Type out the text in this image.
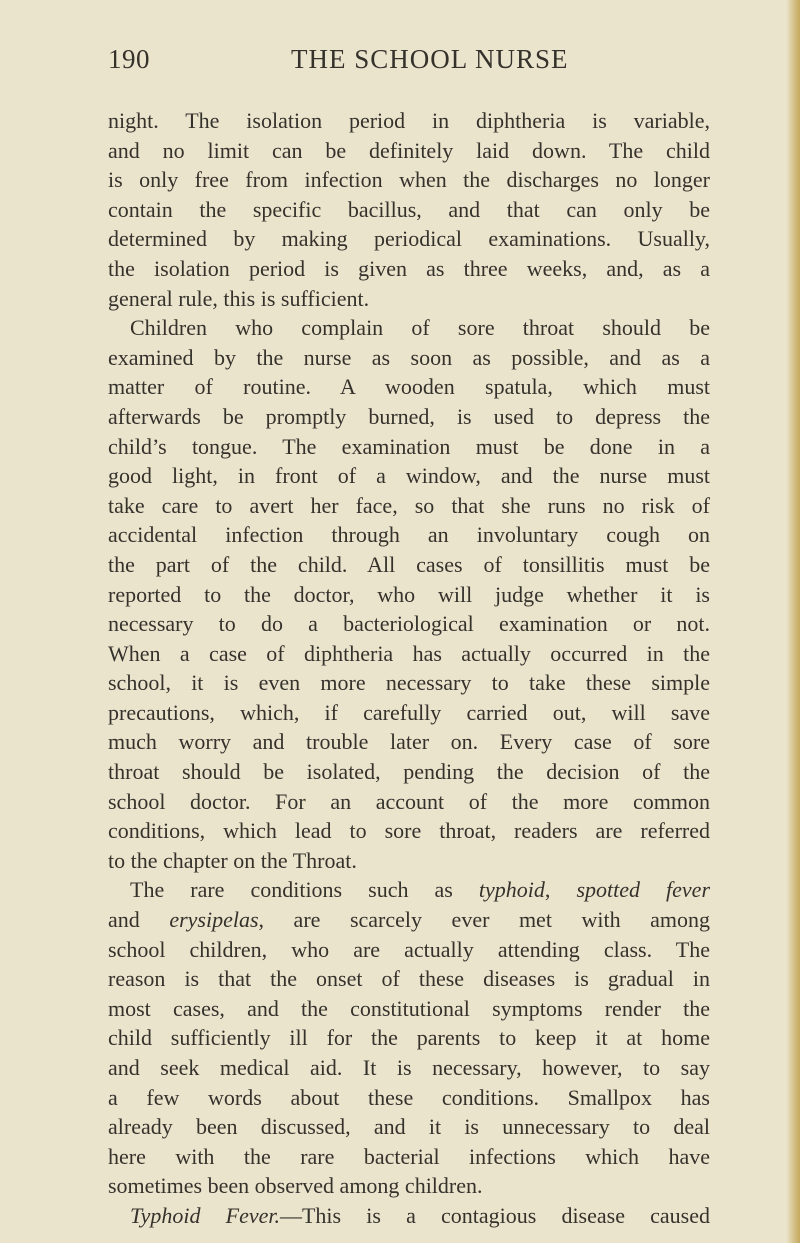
190	THE SCHOOL NURSE
night. The isolation period in diphtheria is variable,
and no limit can be definitely laid down. The child
is only free from infection when the discharges no longer
contain the specific bacillus, and that can only be
determined by making periodical examinations. Usually,
the isolation period is given as three weeks, and, as a
general rule, this is sufficient.
Children who complain of sore throat should be
examined by the nurse as soon as possible, and as a
matter of routine. A wooden spatula, which must
afterwards be promptly burned, is used to depress the
child’s tongue. The examination must be done in a
good light, in front of a window, and the nurse must
take care to avert her face, so that she runs no risk of
accidental infection through an involuntary cough on
the part of the child. All cases of tonsillitis must be
reported to the doctor, who will judge whether it is
necessary to do a bacteriological examination or not.
When a case of diphtheria has actually occurred in the
school, it is even more necessary to take these simple
precautions, which, if carefully carried out, will save
much worry and trouble later on. Every case of sore
throat should be isolated, pending the decision of the
school doctor. For an account of the more common
conditions, which lead to sore throat, readers are referred
to the chapter on the Throat.
The rare conditions such as typhoid, spotted fever
and erysipelas, are scarcely ever met with among
school children, who are actually attending class. The
reason is that the onset of these diseases is gradual in
most cases, and the constitutional symptoms render the
child sufficiently ill for the parents to keep it at home
and seek medical aid. It is necessary, however, to say
a few words about these conditions. Smallpox has
already been discussed, and it is unnecessary to deal
here with the rare bacterial infections which have
sometimes been observed among children.
Typhoid Fever.—This is a contagious disease caused
